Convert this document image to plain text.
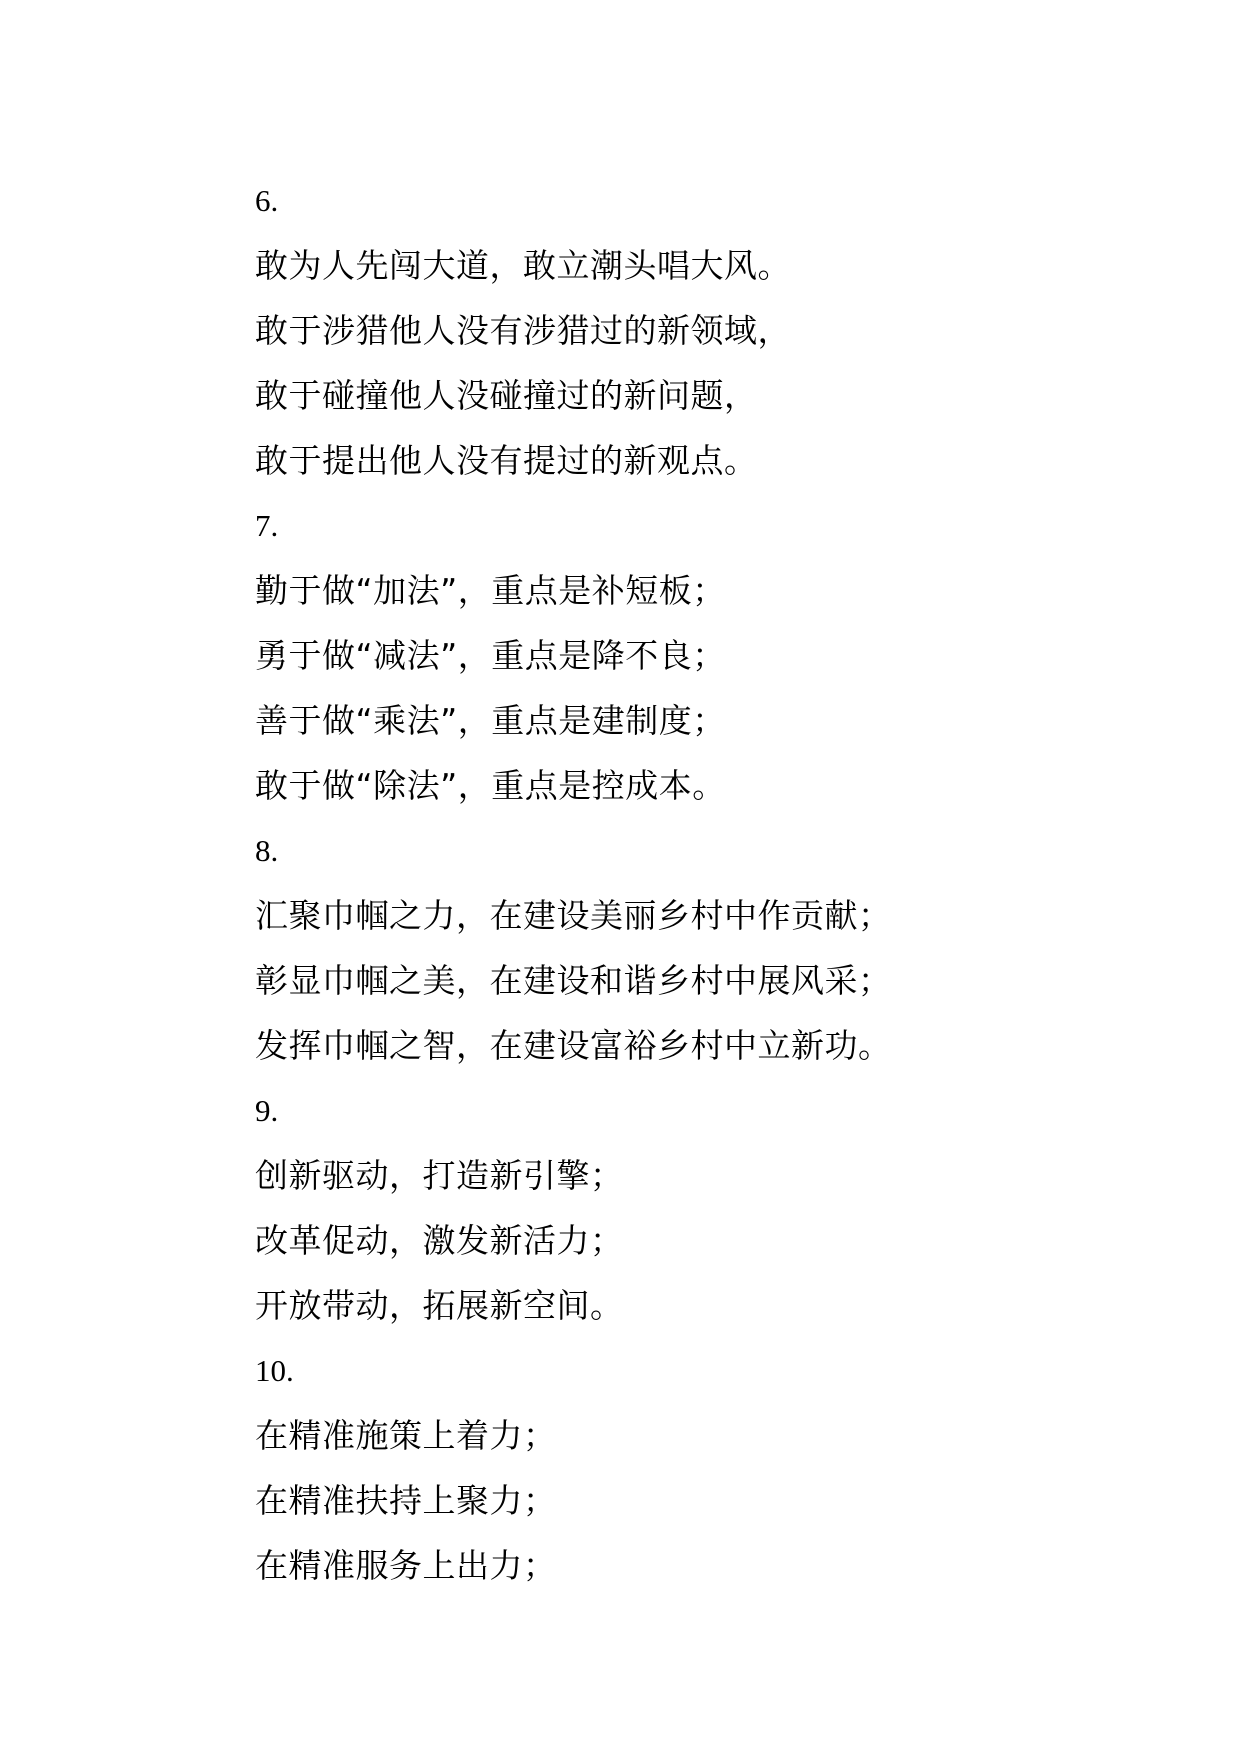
6.
敢为人先闯大道，敢立潮头唱大风。
敢于涉猎他人没有涉猎过的新领域，
敢于碰撞他人没碰撞过的新问题，
敢于提出他人没有提过的新观点。
7.
勤于做“加法”，重点是补短板；
勇于做“减法”，重点是降不良；
善于做“乘法”，重点是建制度；
敢于做“除法”，重点是控成本。
8.
汇聚巾帼之力，在建设美丽乡村中作贡献；
彰显巾帼之美，在建设和谐乡村中展风采；
发挥巾帼之智，在建设富裕乡村中立新功。
9.
创新驱动，打造新引擎；
改革促动，激发新活力；
开放带动，拓展新空间。
10.
在精准施策上着力；
在精准扶持上聚力；
在精准服务上出力；
